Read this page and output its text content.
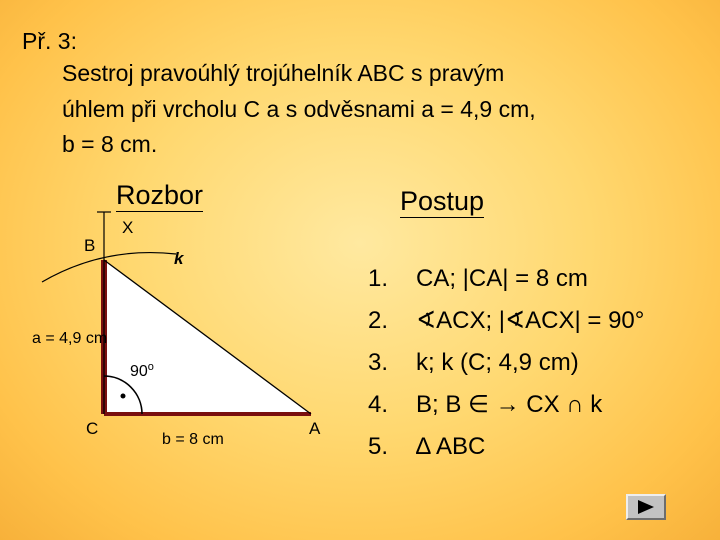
Př. 3:
Sestroj pravoúhlý trojúhelník ABC s pravým
úhlem při vrcholu C a s odvěsnami a = 4,9 cm,
b = 8 cm.
Rozbor	Postup
B
X
k
a = 4,9 cm
90$^o$
C
b = 8 cm
A
1. CA; |CA| = 8 cm
2. ∢ACX; |∢ACX| = 90°
3. k; k (C; 4,9 cm)
4. B; B ∈ → CX ∩ k
5. ∆ ABC
